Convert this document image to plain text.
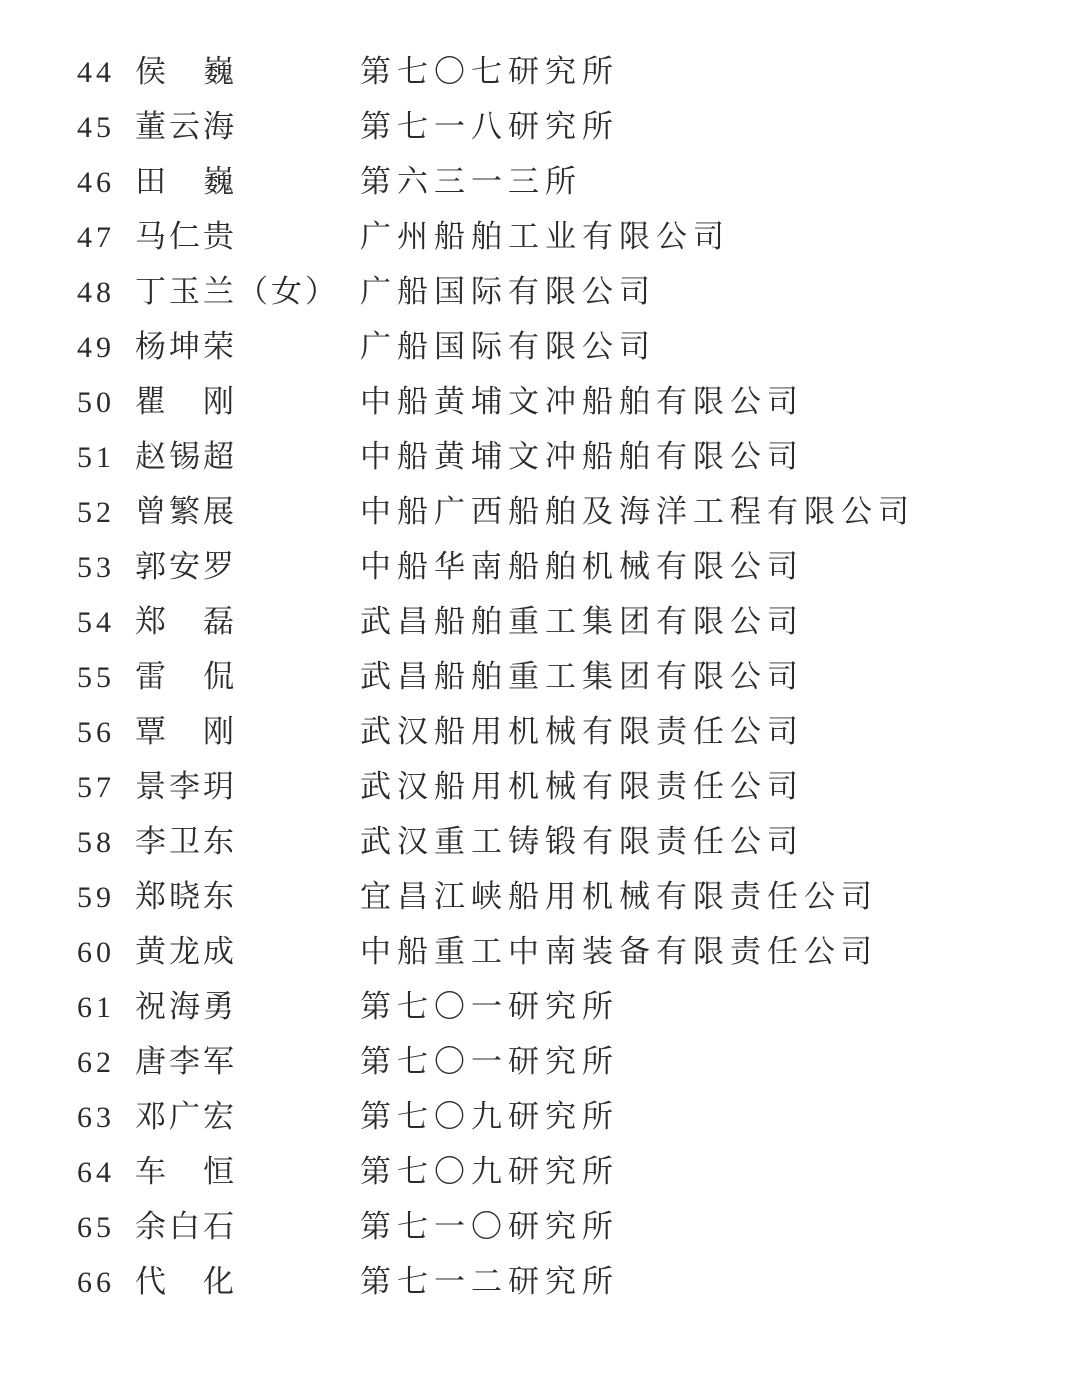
44 侯　巍	第七〇七研究所
45 董云海	第七一八研究所
46 田　巍	第六三一三所
47 马仁贵	广州船舶工业有限公司
48 丁玉兰（女） 广船国际有限公司
49 杨坤荣	广船国际有限公司
50 瞿　刚	中船黄埔文冲船舶有限公司
51 赵锡超	中船黄埔文冲船舶有限公司
52 曾繁展	中船广西船舶及海洋工程有限公司
53 郭安罗	中船华南船舶机械有限公司
54 郑　磊	武昌船舶重工集团有限公司
55 雷　侃	武昌船舶重工集团有限公司
56 覃　刚	武汉船用机械有限责任公司
57 景李玥	武汉船用机械有限责任公司
58 李卫东	武汉重工铸锻有限责任公司
59 郑晓东	宜昌江峡船用机械有限责任公司
60 黄龙成	中船重工中南装备有限责任公司
61 祝海勇	第七〇一研究所
62 唐李军	第七〇一研究所
63 邓广宏	第七〇九研究所
64 车　恒	第七〇九研究所
65 余白石	第七一〇研究所
66 代　化	第七一二研究所
